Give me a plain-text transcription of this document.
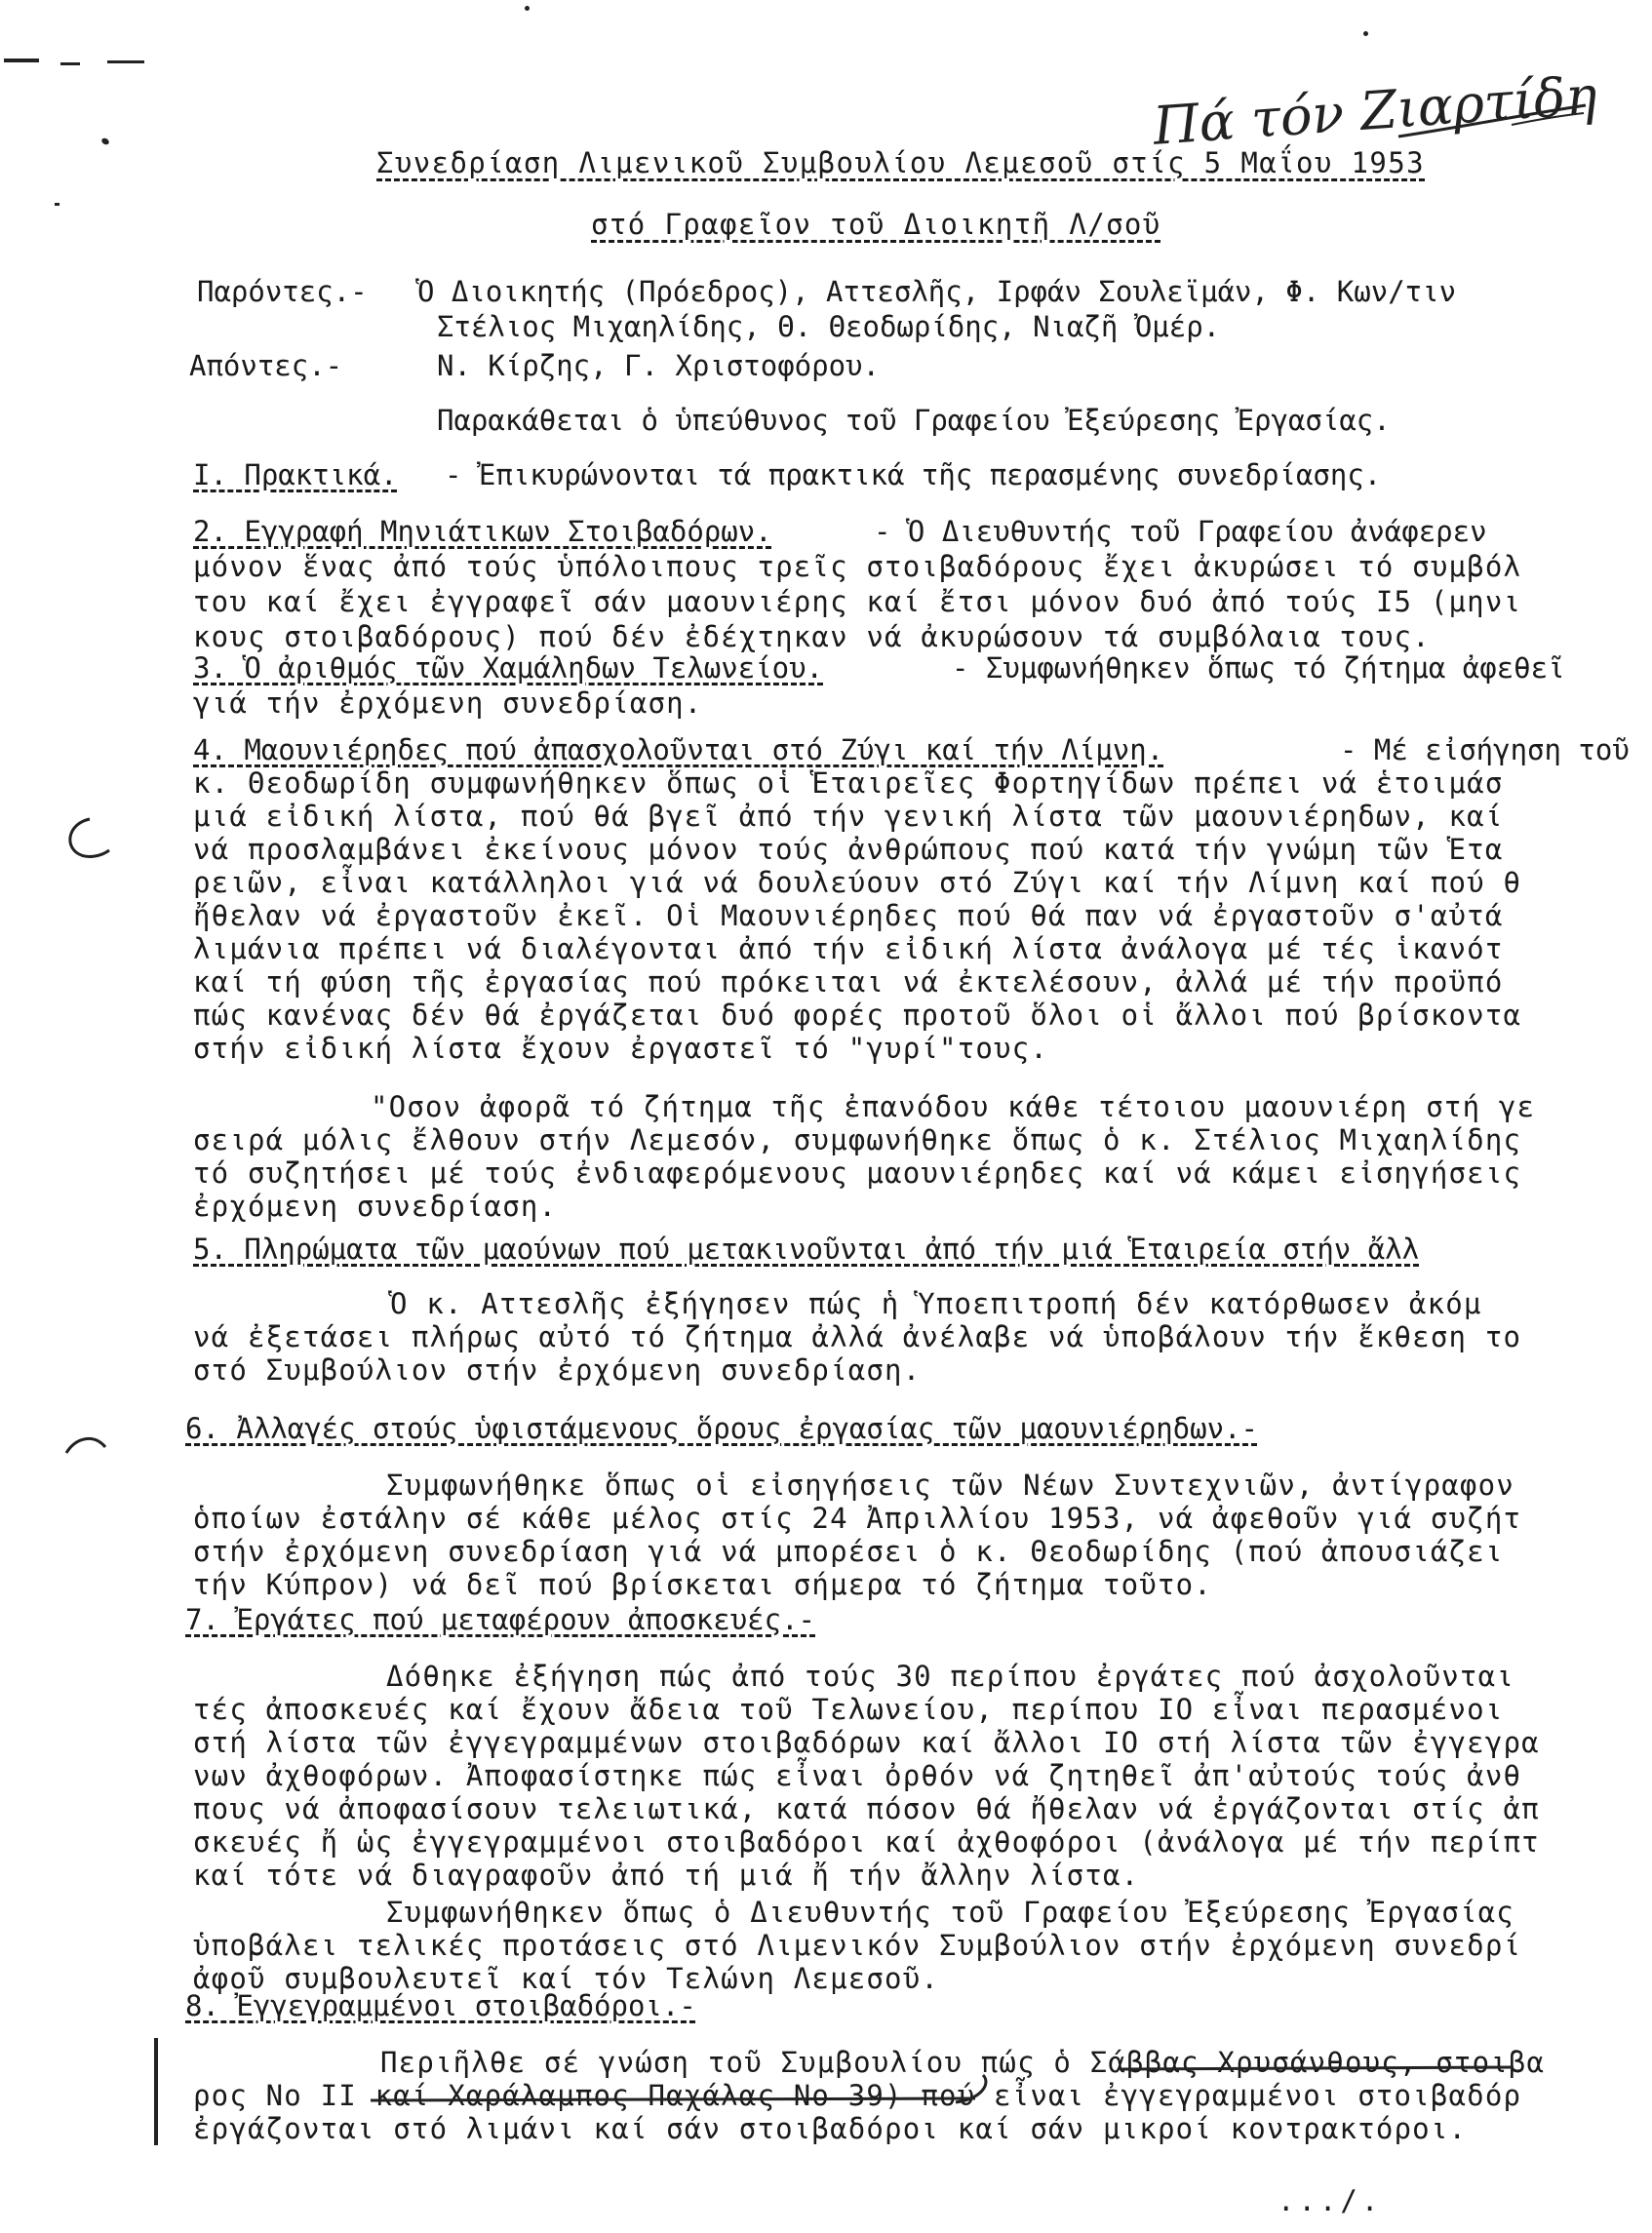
Πά τόν Ζιαρτίδη
Συνεδρίαση Λιμενικοῦ Συμβουλίου Λεμεσοῦ στίς 5 Μαΐου 1953
στό Γραφεῖον τοῦ Διοικητῆ Λ/σοῦ
Παρόντες.- Ὁ Διοικητής (Πρόεδρος), Αττεσλῆς, Ιρφάν Σουλεϊμάν, Φ. Κων/τιν
Στέλιος Μιχαηλίδης, Θ. Θεοδωρίδης, Νιαζῆ Ὀμέρ.
Απόντες.-	Ν. Κίρζης, Γ. Χριστοφόρου.
Παρακάθεται ὁ ὑπεύθυνος τοῦ Γραφείου Ἐξεύρεσης Ἐργασίας.
Ι. Πρακτικά. - Ἐπικυρώνονται τά πρακτικά τῆς περασμένης συνεδρίασης.
2. Εγγραφή Μηνιάτικων Στοιβαδόρων.	- Ὁ Διευθυντής τοῦ Γραφείου ἀνάφερεν
μόνον ἕνας ἀπό τούς ὑπόλοιπους τρεῖς στοιβαδόρους ἔχει ἀκυρώσει τό συμβόλ
του καί ἔχει ἐγγραφεῖ σάν μαουνιέρης καί ἔτσι μόνον δυό ἀπό τούς Ι5 (μηνι
κους στοιβαδόρους) πού δέν ἐδέχτηκαν νά ἀκυρώσουν τά συμβόλαια τους.
3. Ὁ ἀριθμός τῶν Χαμάληδων Τελωνείου.	- Συμφωνήθηκεν ὅπως τό ζήτημα ἀφεθεῖ
γιά τήν ἐρχόμενη συνεδρίαση.
4. Μαουνιέρηδες πού ἀπασχολοῦνται στό Ζύγι καί τήν Λίμνη.	- Μέ εἰσήγηση τοῦ
κ. Θεοδωρίδη συμφωνήθηκεν ὅπως οἱ Ἑταιρεῖες Φορτηγίδων πρέπει νά ἑτοιμάσ
μιά εἰδική λίστα, πού θά βγεῖ ἀπό τήν γενική λίστα τῶν μαουνιέρηδων, καί
νά προσλαμβάνει ἐκείνους μόνον τούς ἀνθρώπους πού κατά τήν γνώμη τῶν Ἑτα
ρειῶν, εἶναι κατάλληλοι γιά νά δουλεύουν στό Ζύγι καί τήν Λίμνη καί πού θ
ἤθελαν νά ἐργαστοῦν ἐκεῖ. Οἱ Μαουνιέρηδες πού θά παν νά ἐργαστοῦν σ'αὐτά
λιμάνια πρέπει νά διαλέγονται ἀπό τήν εἰδική λίστα ἀνάλογα μέ τές ἱκανότ
καί τή φύση τῆς ἐργασίας πού πρόκειται νά ἐκτελέσουν, ἀλλά μέ τήν προϋπό
πώς κανένας δέν θά ἐργάζεται δυό φορές προτοῦ ὅλοι οἱ ἄλλοι πού βρίσκοντα
στήν εἰδική λίστα ἔχουν ἐργαστεῖ τό "γυρί"τους.
"Οσον ἀφορᾶ τό ζήτημα τῆς ἐπανόδου κάθε τέτοιου μαουνιέρη στή γε
σειρά μόλις ἔλθουν στήν Λεμεσόν, συμφωνήθηκε ὅπως ὁ κ. Στέλιος Μιχαηλίδης
τό συζητήσει μέ τούς ἐνδιαφερόμενους μαουνιέρηδες καί νά κάμει εἰσηγήσεις
ἐρχόμενη συνεδρίαση.
5. Πληρώματα τῶν μαούνων πού μετακινοῦνται ἀπό τήν μιά Ἑταιρεία στήν ἄλλ
Ὁ κ. Αττεσλῆς ἐξήγησεν πώς ἡ Ὑποεπιτροπή δέν κατόρθωσεν ἀκόμ
νά ἐξετάσει πλήρως αὐτό τό ζήτημα ἀλλά ἀνέλαβε νά ὑποβάλουν τήν ἔκθεση το
στό Συμβούλιον στήν ἐρχόμενη συνεδρίαση.
6. Ἀλλαγές στούς ὑφιστάμενους ὅρους ἐργασίας τῶν μαουνιέρηδων.-
Συμφωνήθηκε ὅπως οἱ εἰσηγήσεις τῶν Νέων Συντεχνιῶν, ἀντίγραφον
ὁποίων ἐστάλην σέ κάθε μέλος στίς 24 Ἀπριλλίου 1953, νά ἀφεθοῦν γιά συζήτ
στήν ἐρχόμενη συνεδρίαση γιά νά μπορέσει ὁ κ. Θεοδωρίδης (πού ἀπουσιάζει
τήν Κύπρον) νά δεῖ πού βρίσκεται σήμερα τό ζήτημα τοῦτο.
7. Ἐργάτες πού μεταφέρουν ἀποσκευές.-
Δόθηκε ἐξήγηση πώς ἀπό τούς 30 περίπου ἐργάτες πού ἀσχολοῦνται
τές ἀποσκευές καί ἔχουν ἄδεια τοῦ Τελωνείου, περίπου ΙΟ εἶναι περασμένοι
στή λίστα τῶν ἐγγεγραμμένων στοιβαδόρων καί ἄλλοι ΙΟ στή λίστα τῶν ἐγγεγρα
νων ἀχθοφόρων. Ἀποφασίστηκε πώς εἶναι ὀρθόν νά ζητηθεῖ ἀπ'αὐτούς τούς ἀνθ
πους νά ἀποφασίσουν τελειωτικά, κατά πόσον θά ἤθελαν νά ἐργάζονται στίς ἀπ
σκευές ἤ ὡς ἐγγεγραμμένοι στοιβαδόροι καί ἀχθοφόροι (ἀνάλογα μέ τήν περίπτ
καί τότε νά διαγραφοῦν ἀπό τή μιά ἤ τήν ἄλλην λίστα.
Συμφωνήθηκεν ὅπως ὁ Διευθυντής τοῦ Γραφείου Ἐξεύρεσης Ἐργασίας
ὑποβάλει τελικές προτάσεις στό Λιμενικόν Συμβούλιον στήν ἐρχόμενη συνεδρί
ἀφοῦ συμβουλευτεῖ καί τόν Τελώνη Λεμεσοῦ.
8. Ἐγγεγραμμένοι στοιβαδόροι.-
Περιῆλθε σέ γνώση τοῦ Συμβουλίου πώς ὁ Σάββας Χρυσάνθους, στοιβα
ρος Νο ΙΙ καί Χαράλαμπος Παχάλας Νο 39) πού εἶναι ἐγγεγραμμένοι στοιβαδόρ
ἐργάζονται στό λιμάνι καί σάν στοιβαδόροι καί σάν μικροί κοντρακτόροι.
.../.
